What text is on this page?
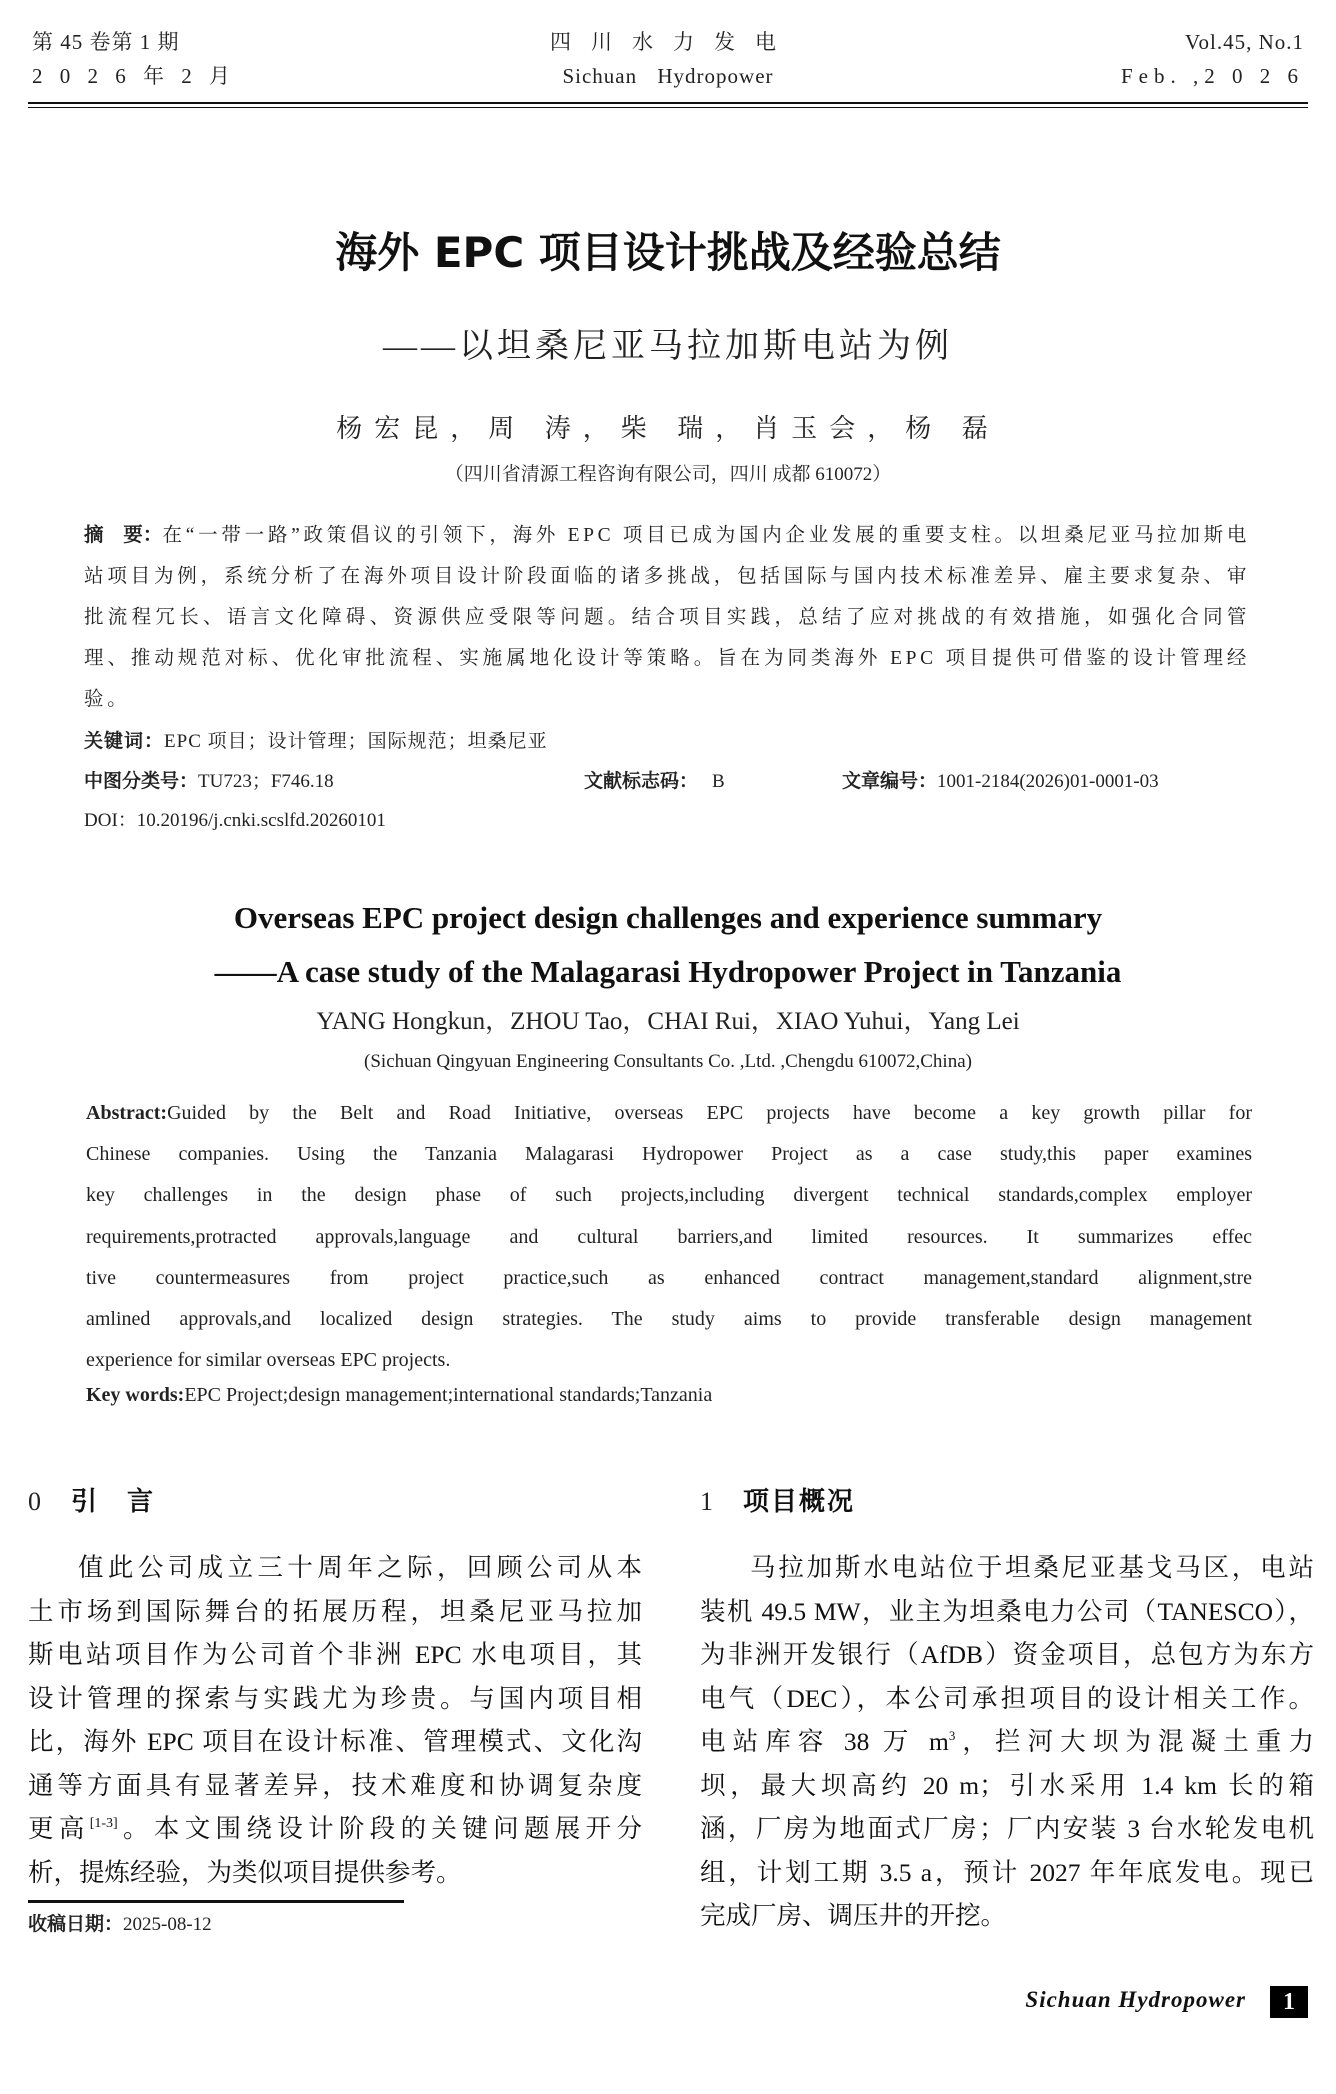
第 45 卷第 1 期
2 0 2 6 年 2 月
四川水力发电
Sichuan Hydropower
Vol.45, No.1
Feb. ,2 0 2 6
海外 EPC 项目设计挑战及经验总结
——以坦桑尼亚马拉加斯电站为例
杨宏昆，周 涛，柴 瑞，肖玉会，杨 磊
（四川省清源工程咨询有限公司，四川 成都 610072）
摘　要：在“一带一路”政策倡议的引领下，海外 EPC 项目已成为国内企业发展的重要支柱。以坦桑尼亚马拉加斯电站项目为例，系统分析了在海外项目设计阶段面临的诸多挑战，包括国际与国内技术标准差异、雇主要求复杂、审批流程冗长、语言文化障碍、资源供应受限等问题。结合项目实践，总结了应对挑战的有效措施，如强化合同管理、推动规范对标、优化审批流程、实施属地化设计等策略。旨在为同类海外 EPC 项目提供可借鉴的设计管理经验。
关键词：EPC 项目；设计管理；国际规范；坦桑尼亚
中图分类号：TU723；F746.18	文献标志码： B	文章编号：1001-2184(2026)01-0001-03
DOI：10.20196/j.cnki.scslfd.20260101
Overseas EPC project design challenges and experience summary
——A case study of the Malagarasi Hydropower Project in Tanzania
YANG Hongkun，ZHOU Tao，CHAI Rui，XIAO Yuhui，Yang Lei
(Sichuan Qingyuan Engineering Consultants Co. ,Ltd. ,Chengdu 610072,China)
Abstract:Guided by the Belt and Road Initiative, overseas EPC projects have become a key growth pillar for
Chinese companies. Using the Tanzania Malagarasi Hydropower Project as a case study,this paper examines
key challenges in the design phase of such projects,including divergent technical standards,complex employer
requirements,protracted approvals,language and cultural barriers,and limited resources. It summarizes effec
tive countermeasures from project practice,such as enhanced contract management,standard alignment,stre
amlined approvals,and localized design strategies. The study aims to provide transferable design management
experience for similar overseas EPC projects.
Key words:EPC Project;design management;international standards;Tanzania
0 引言
值此公司成立三十周年之际，回顾公司从本
土市场到国际舞台的拓展历程，坦桑尼亚马拉加
斯电站项目作为公司首个非洲 EPC 水电项目，其
设计管理的探索与实践尤为珍贵。与国内项目相
比，海外 EPC 项目在设计标准、管理模式、文化沟
通等方面具有显著差异，技术难度和协调复杂度
更高[1-3]。本文围绕设计阶段的关键问题展开分
析，提炼经验，为类似项目提供参考。
1 项目概况
马拉加斯水电站位于坦桑尼亚基戈马区，电站
装机 49.5 MW，业主为坦桑电力公司（TANESCO），
为非洲开发银行（AfDB）资金项目，总包方为东方
电气（DEC），本公司承担项目的设计相关工作。
电站库容 38 万 $m^3$，拦河大坝为混凝土重力
坝，最大坝高约 20 m；引水采用 1.4 km 长的箱
涵，厂房为地面式厂房；厂内安装 3 台水轮发电机
组，计划工期 3.5 a，预计 2027 年年底发电。现已
完成厂房、调压井的开挖。
收稿日期：2025-08-12
Sichuan Hydropower	1
